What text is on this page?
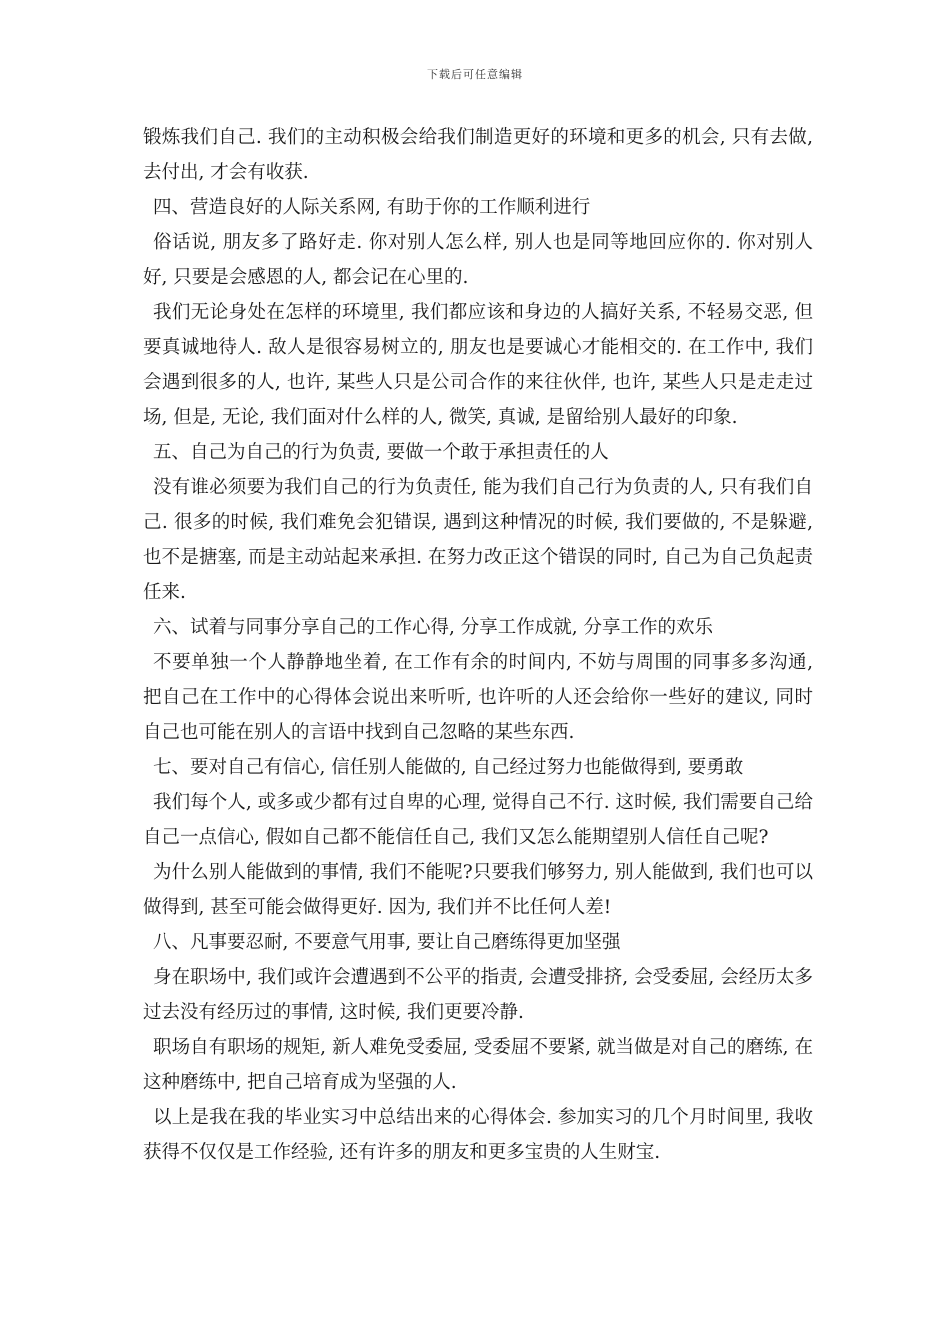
下载后可任意编辑

锻炼我们自己. 我们的主动积极会给我们制造更好的环境和更多的机会, 只有去做, 去付出, 才会有收获.

四、营造良好的人际关系网, 有助于你的工作顺利进行

俗话说, 朋友多了路好走. 你对别人怎么样, 别人也是同等地回应你的. 你对别人好, 只要是会感恩的人, 都会记在心里的.

我们无论身处在怎样的环境里, 我们都应该和身边的人搞好关系, 不轻易交恶, 但要真诚地待人. 敌人是很容易树立的, 朋友也是要诚心才能相交的. 在工作中, 我们会遇到很多的人, 也许, 某些人只是公司合作的来往伙伴, 也许, 某些人只是走走过场, 但是, 无论, 我们面对什么样的人, 微笑, 真诚, 是留给别人最好的印象.

五、自己为自己的行为负责, 要做一个敢于承担责任的人

没有谁必须要为我们自己的行为负责任, 能为我们自己行为负责的人, 只有我们自己. 很多的时候, 我们难免会犯错误, 遇到这种情况的时候, 我们要做的, 不是躲避, 也不是搪塞, 而是主动站起来承担. 在努力改正这个错误的同时, 自己为自己负起责任来.

六、试着与同事分享自己的工作心得, 分享工作成就, 分享工作的欢乐

不要单独一个人静静地坐着, 在工作有余的时间内, 不妨与周围的同事多多沟通, 把自己在工作中的心得体会说出来听听, 也许听的人还会给你一些好的建议, 同时自己也可能在别人的言语中找到自己忽略的某些东西.

七、要对自己有信心, 信任别人能做的, 自己经过努力也能做得到, 要勇敢

我们每个人, 或多或少都有过自卑的心理, 觉得自己不行. 这时候, 我们需要自己给自己一点信心, 假如自己都不能信任自己, 我们又怎么能期望别人信任自己呢?

为什么别人能做到的事情, 我们不能呢?只要我们够努力, 别人能做到, 我们也可以做得到, 甚至可能会做得更好. 因为, 我们并不比任何人差!

八、凡事要忍耐, 不要意气用事, 要让自己磨练得更加坚强

身在职场中, 我们或许会遭遇到不公平的指责, 会遭受排挤, 会受委屈, 会经历太多过去没有经历过的事情, 这时候, 我们更要冷静.

职场自有职场的规矩, 新人难免受委屈, 受委屈不要紧, 就当做是对自己的磨练, 在这种磨练中, 把自己培育成为坚强的人.

以上是我在我的毕业实习中总结出来的心得体会. 参加实习的几个月时间里, 我收获得不仅仅是工作经验, 还有许多的朋友和更多宝贵的人生财宝.
